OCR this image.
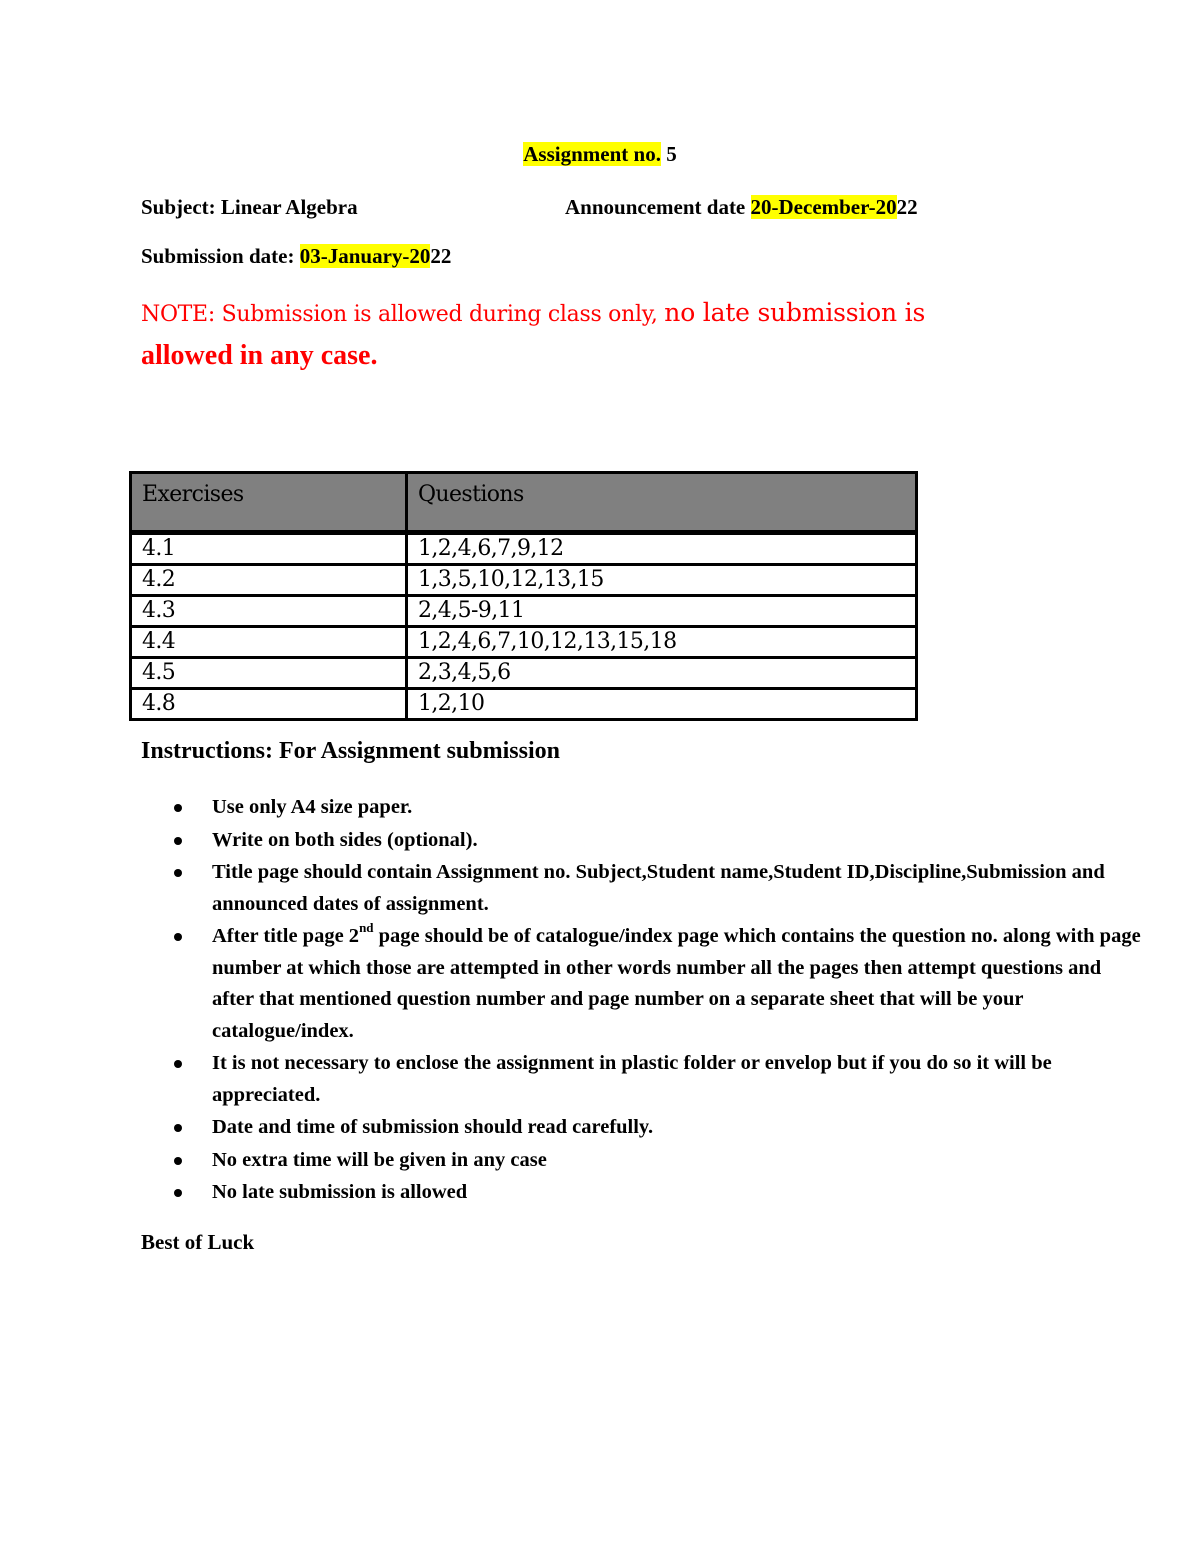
Assignment no. 5
Subject: Linear Algebra	Announcement date 20-December-2022
Submission date: 03-January-2022
NOTE: Submission is allowed during class only, no late submission is
allowed in any case.
Exercises	Questions
4.1	1,2,4,6,7,9,12
4.2	1,3,5,10,12,13,15
4.3	2,4,5-9,11
4.4	1,2,4,6,7,10,12,13,15,18
4.5	2,3,4,5,6
4.8	1,2,10
Instructions: For Assignment submission
Use only A4 size paper.
Write on both sides (optional).
Title page should contain Assignment no. Subject,Student name,Student ID,Discipline,Submission and announced dates of assignment.
After title page 2nd page should be of catalogue/index page which contains the question no. along with page number at which those are attempted in other words number all the pages then attempt questions and after that mentioned question number and page number on a separate sheet that will be your catalogue/index.
It is not necessary to enclose the assignment in plastic folder or envelop but if you do so it will be appreciated.
Date and time of submission should read carefully.
No extra time will be given in any case
No late submission is allowed
Best of Luck
